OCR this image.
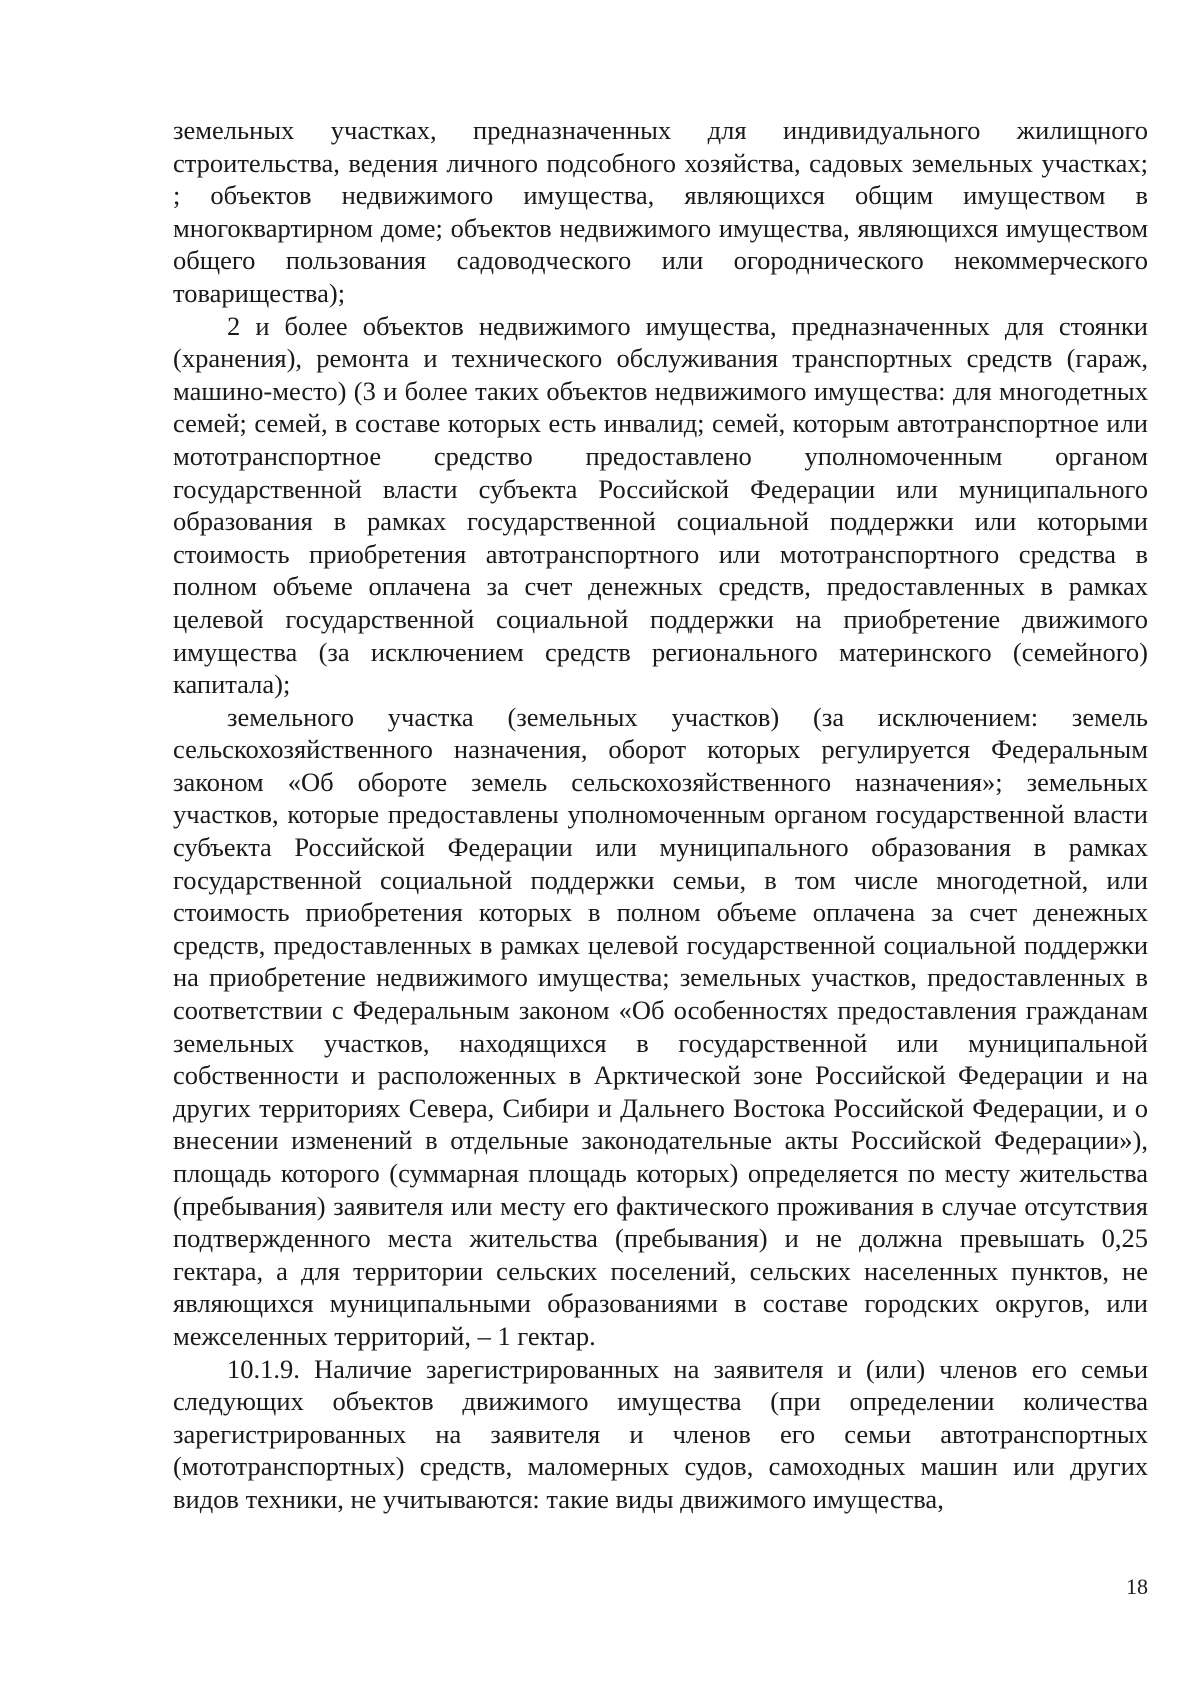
земельных участках, предназначенных для индивидуального жилищного строительства, ведения личного подсобного хозяйства, садовых земельных участках; ; объектов недвижимого имущества, являющихся общим имуществом в многоквартирном доме; объектов недвижимого имущества, являющихся имуществом общего пользования садоводческого или огороднического некоммерческого товарищества);

2 и более объектов недвижимого имущества, предназначенных для стоянки (хранения), ремонта и технического обслуживания транспортных средств (гараж, машино-место) (3 и более таких объектов недвижимого имущества: для многодетных семей; семей, в составе которых есть инвалид; семей, которым автотранспортное или мототранспортное средство предоставлено уполномоченным органом государственной власти субъекта Российской Федерации или муниципального образования в рамках государственной социальной поддержки или которыми стоимость приобретения автотранспортного или мототранспортного средства в полном объеме оплачена за счет денежных средств, предоставленных в рамках целевой государственной социальной поддержки на приобретение движимого имущества (за исключением средств регионального материнского (семейного) капитала);

земельного участка (земельных участков) (за исключением: земель сельскохозяйственного назначения, оборот которых регулируется Федеральным законом «Об обороте земель сельскохозяйственного назначения»; земельных участков, которые предоставлены уполномоченным органом государственной власти субъекта Российской Федерации или муниципального образования в рамках государственной социальной поддержки семьи, в том числе многодетной, или стоимость приобретения которых в полном объеме оплачена за счет денежных средств, предоставленных в рамках целевой государственной социальной поддержки на приобретение недвижимого имущества; земельных участков, предоставленных в соответствии с Федеральным законом «Об особенностях предоставления гражданам земельных участков, находящихся в государственной или муниципальной собственности и расположенных в Арктической зоне Российской Федерации и на других территориях Севера, Сибири и Дальнего Востока Российской Федерации, и о внесении изменений в отдельные законодательные акты Российской Федерации»), площадь которого (суммарная площадь которых) определяется по месту жительства (пребывания) заявителя или месту его фактического проживания в случае отсутствия подтвержденного места жительства (пребывания) и не должна превышать 0,25 гектара, а для территории сельских поселений, сельских населенных пунктов, не являющихся муниципальными образованиями в составе городских округов, или межселенных территорий, – 1 гектар.

10.1.9. Наличие зарегистрированных на заявителя и (или) членов его семьи следующих объектов движимого имущества (при определении количества зарегистрированных на заявителя и членов его семьи автотранспортных (мототранспортных) средств, маломерных судов, самоходных машин или других видов техники, не учитываются: такие виды движимого имущества,

18
